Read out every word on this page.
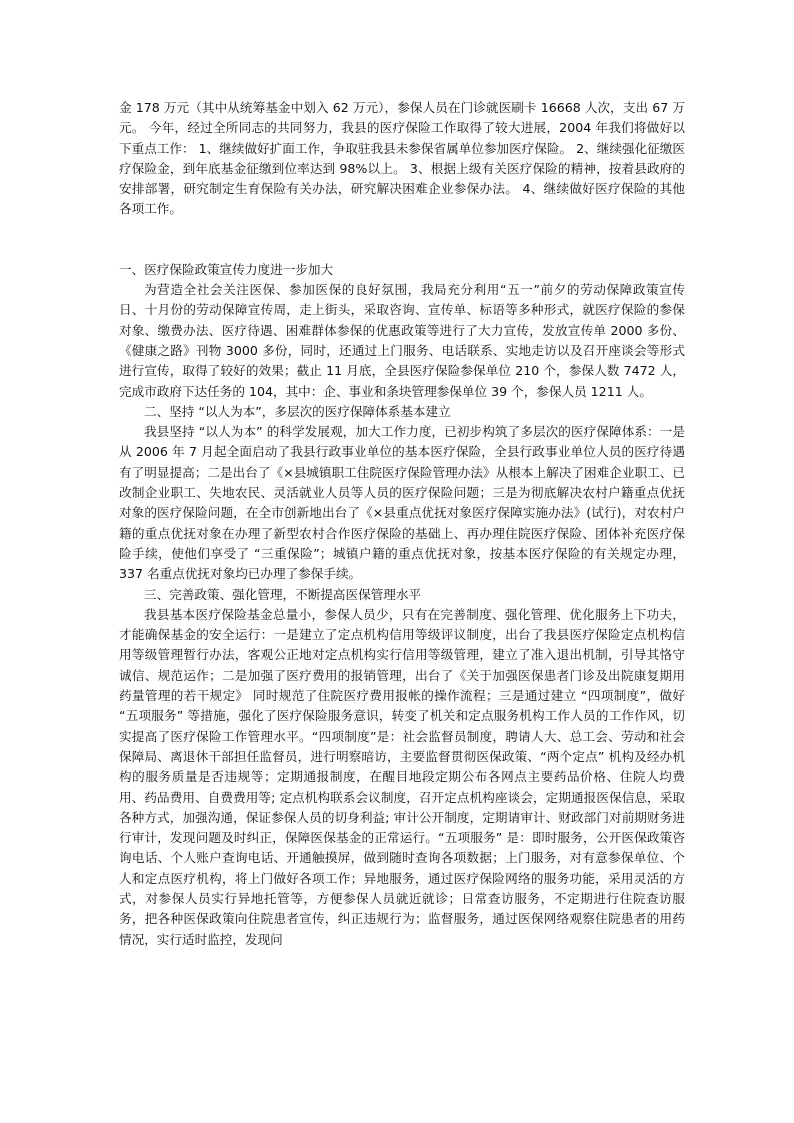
金 178 万元（其中从统筹基金中划入 62 万元），参保人员在门诊就医刷卡 16668 人次，支出 67 万元。 今年，经过全所同志的共同努力，我县的医疗保险工作取得了较大进展，2004 年我们将做好以下重点工作： 1、继续做好扩面工作，争取驻我县未参保省属单位参加医疗保险。 2、继续强化征缴医疗保险金，到年底基金征缴到位率达到 98%以上。 3、根据上级有关医疗保险的精神，按着县政府的安排部署，研究制定生育保险有关办法，研究解决困难企业参保办法。 4、继续做好医疗保险的其他各项工作。

一、医疗保险政策宣传力度进一步加大

为营造全社会关注医保、参加医保的良好氛围，我局充分利用“五一”前夕的劳动保障政策宣传日、十月份的劳动保障宣传周，走上街头，采取咨询、宣传单、标语等多种形式，就医疗保险的参保对象、缴费办法、医疗待遇、困难群体参保的优惠政策等进行了大力宣传，发放宣传单 2000 多份、《健康之路》刊物 3000 多份，同时，还通过上门服务、电话联系、实地走访以及召开座谈会等形式进行宣传，取得了较好的效果；截止 11 月底，全县医疗保险参保单位 210 个，参保人数 7472 人，完成市政府下达任务的 104，其中：企、事业和条块管理参保单位 39 个，参保人员 1211 人。

二、坚持 “以人为本”，多层次的医疗保障体系基本建立

我县坚持 “以人为本” 的科学发展观，加大工作力度，已初步构筑了多层次的医疗保障体系：一是从 2006 年 7 月起全面启动了我县行政事业单位的基本医疗保险，全县行政事业单位人员的医疗待遇有了明显提高；二是出台了《×县城镇职工住院医疗保险管理办法》从根本上解决了困难企业职工、已改制企业职工、失地农民、灵活就业人员等人员的医疗保险问题；三是为彻底解决农村户籍重点优抚对象的医疗保险问题，在全市创新地出台了《×县重点优抚对象医疗保障实施办法》(试行)，对农村户籍的重点优抚对象在办理了新型农村合作医疗保险的基础上、再办理住院医疗保险、团体补充医疗保险手续，使他们享受了 “三重保险”；城镇户籍的重点优抚对象，按基本医疗保险的有关规定办理，337 名重点优抚对象均已办理了参保手续。

三、完善政策、强化管理，不断提高医保管理水平

我县基本医疗保险基金总量小，参保人员少，只有在完善制度、强化管理、优化服务上下功夫，才能确保基金的安全运行：一是建立了定点机构信用等级评议制度，出台了我县医疗保险定点机构信用等级管理暂行办法，客观公正地对定点机构实行信用等级管理，建立了准入退出机制，引导其恪守诚信、规范运作；二是加强了医疗费用的报销管理，出台了《关于加强医保患者门诊及出院康复期用药量管理的若干规定》 同时规范了住院医疗费用报帐的操作流程；三是通过建立 “四项制度”，做好 “五项服务” 等措施，强化了医疗保险服务意识，转变了机关和定点服务机构工作人员的工作作风，切实提高了医疗保险工作管理水平。“四项制度”是：社会监督员制度，聘请人大、总工会、劳动和社会保障局、离退休干部担任监督员，进行明察暗访，主要监督贯彻医保政策、“两个定点” 机构及经办机构的服务质量是否违规等；定期通报制度，在醒目地段定期公布各网点主要药品价格、住院人均费用、药品费用、自费费用等; 定点机构联系会议制度，召开定点机构座谈会，定期通报医保信息，采取各种方式，加强沟通，保证参保人员的切身利益; 审计公开制度，定期请审计、财政部门对前期财务进行审计，发现问题及时纠正，保障医保基金的正常运行。“五项服务” 是：即时服务，公开医保政策咨询电话、个人账户查询电话、开通触摸屏，做到随时查询各项数据；上门服务，对有意参保单位、个人和定点医疗机构，将上门做好各项工作；异地服务，通过医疗保险网络的服务功能，采用灵活的方式，对参保人员实行异地托管等，方便参保人员就近就诊；日常查访服务，不定期进行住院查访服务，把各种医保政策向住院患者宣传，纠正违规行为；监督服务，通过医保网络观察住院患者的用药情况，实行适时监控，发现问
